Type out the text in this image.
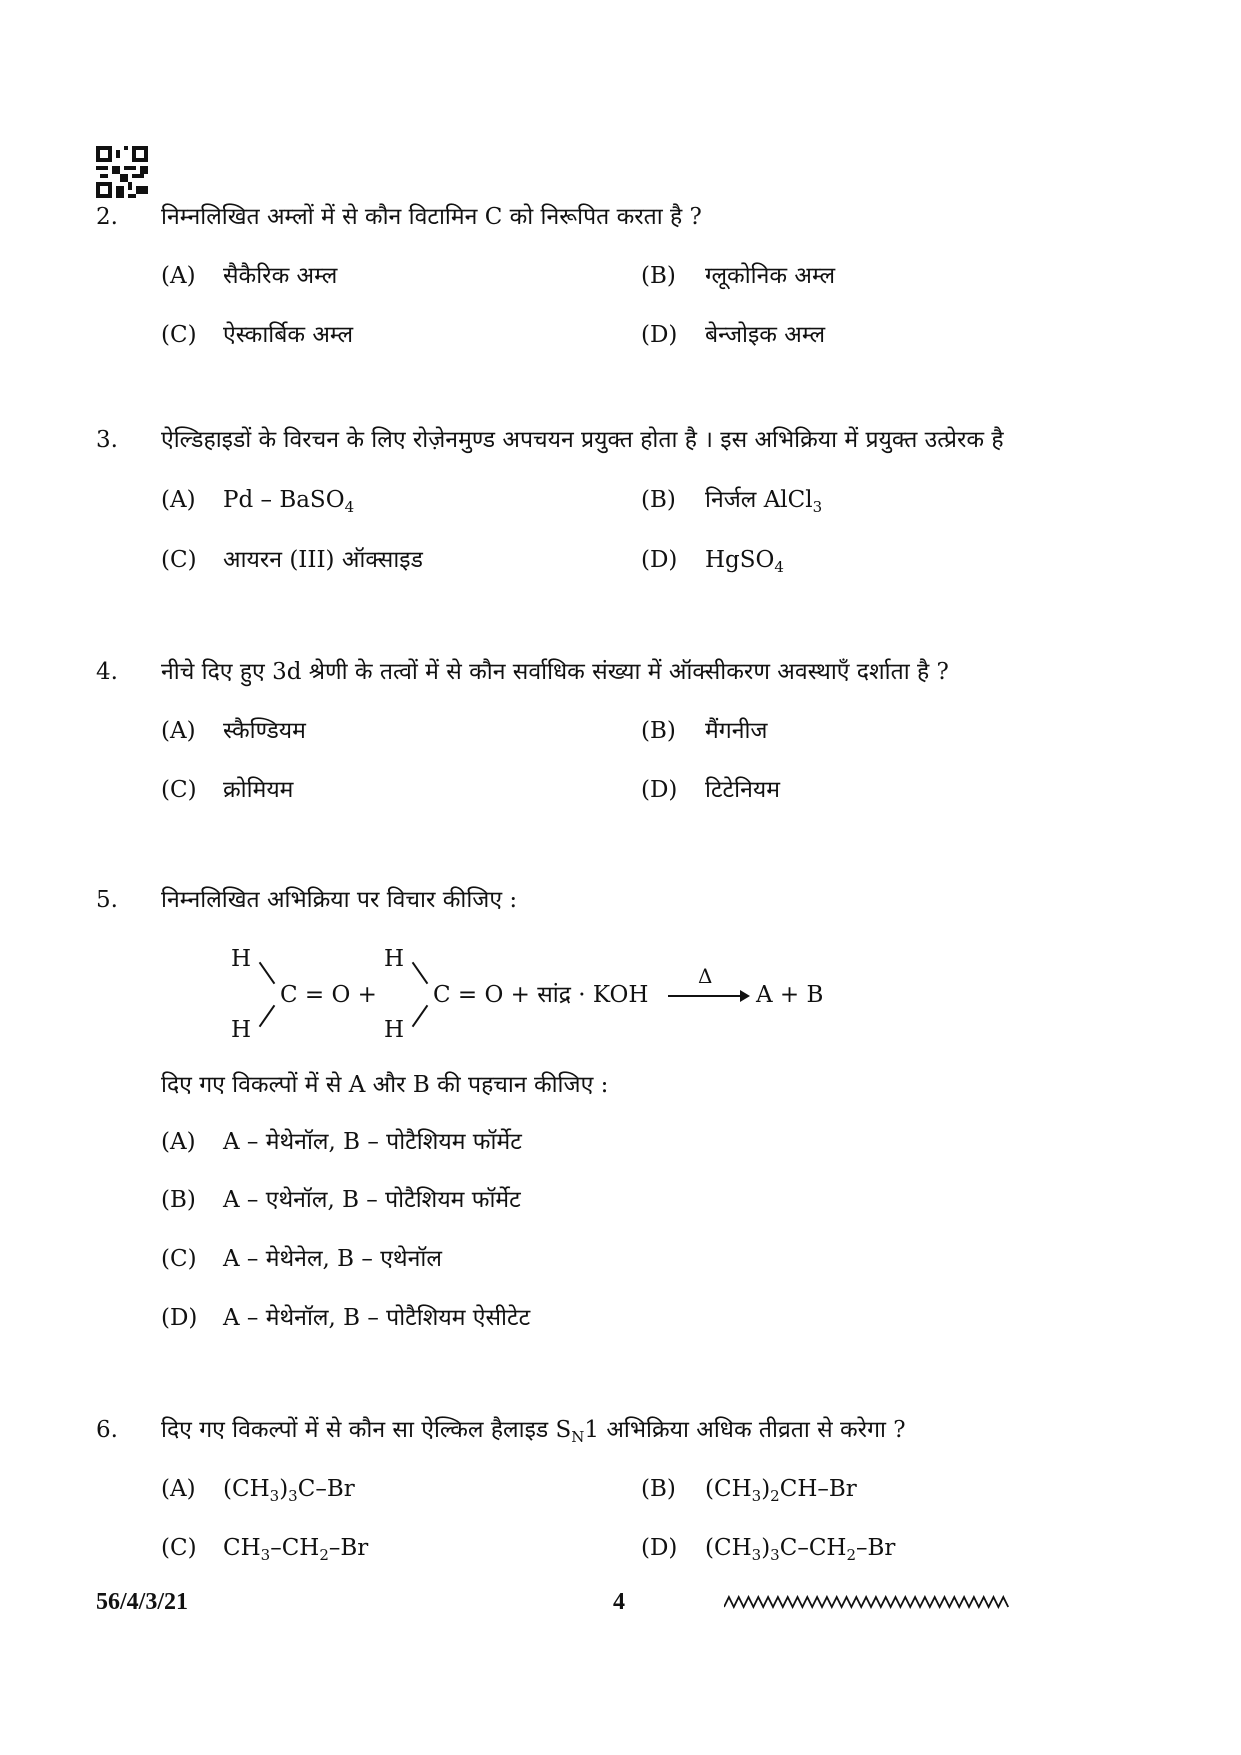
2. निम्नलिखित अम्लों में से कौन विटामिन C को निरूपित करता है ?
(A) सैकैरिक अम्ल	(B) ग्लूकोनिक अम्ल
(C) ऐस्कार्बिक अम्ल	(D) बेन्जोइक अम्ल
3. ऐल्डिहाइडों के विरचन के लिए रोज़ेनमुण्ड अपचयन प्रयुक्त होता है । इस अभिक्रिया में प्रयुक्त उत्प्रेरक है
(A) Pd – BaSO$_4$	(B) निर्जल AlCl$_3$
(C) आयरन (III) ऑक्साइड	(D) HgSO$_4$
4. नीचे दिए हुए 3d श्रेणी के तत्वों में से कौन सर्वाधिक संख्या में ऑक्सीकरण अवस्थाएँ दर्शाता है ?
(A) स्कैण्डियम	(B) मैंगनीज
(C) क्रोमियम	(D) टिटेनियम
5. निम्नलिखित अभिक्रिया पर विचार कीजिए :
H
H
C = O +
H
H
C = O + सांद्र · KOH
Δ
A + B
दिए गए विकल्पों में से A और B की पहचान कीजिए :
(A) A – मेथेनॉल, B – पोटैशियम फॉर्मेट
(B) A – एथेनॉल, B – पोटैशियम फॉर्मेट
(C) A – मेथेनेल, B – एथेनॉल
(D) A – मेथेनॉल, B – पोटैशियम ऐसीटेट
6. दिए गए विकल्पों में से कौन सा ऐल्किल हैलाइड $S_N1$ अभिक्रिया अधिक तीव्रता से करेगा ?
(A) $(CH_3)_3C-Br$	(B) $(CH_3)_2CH-Br$
(C) $CH_3-CH_2-Br$	(D) $(CH_3)_3C-CH_2-Br$
56/4/3/21	4
